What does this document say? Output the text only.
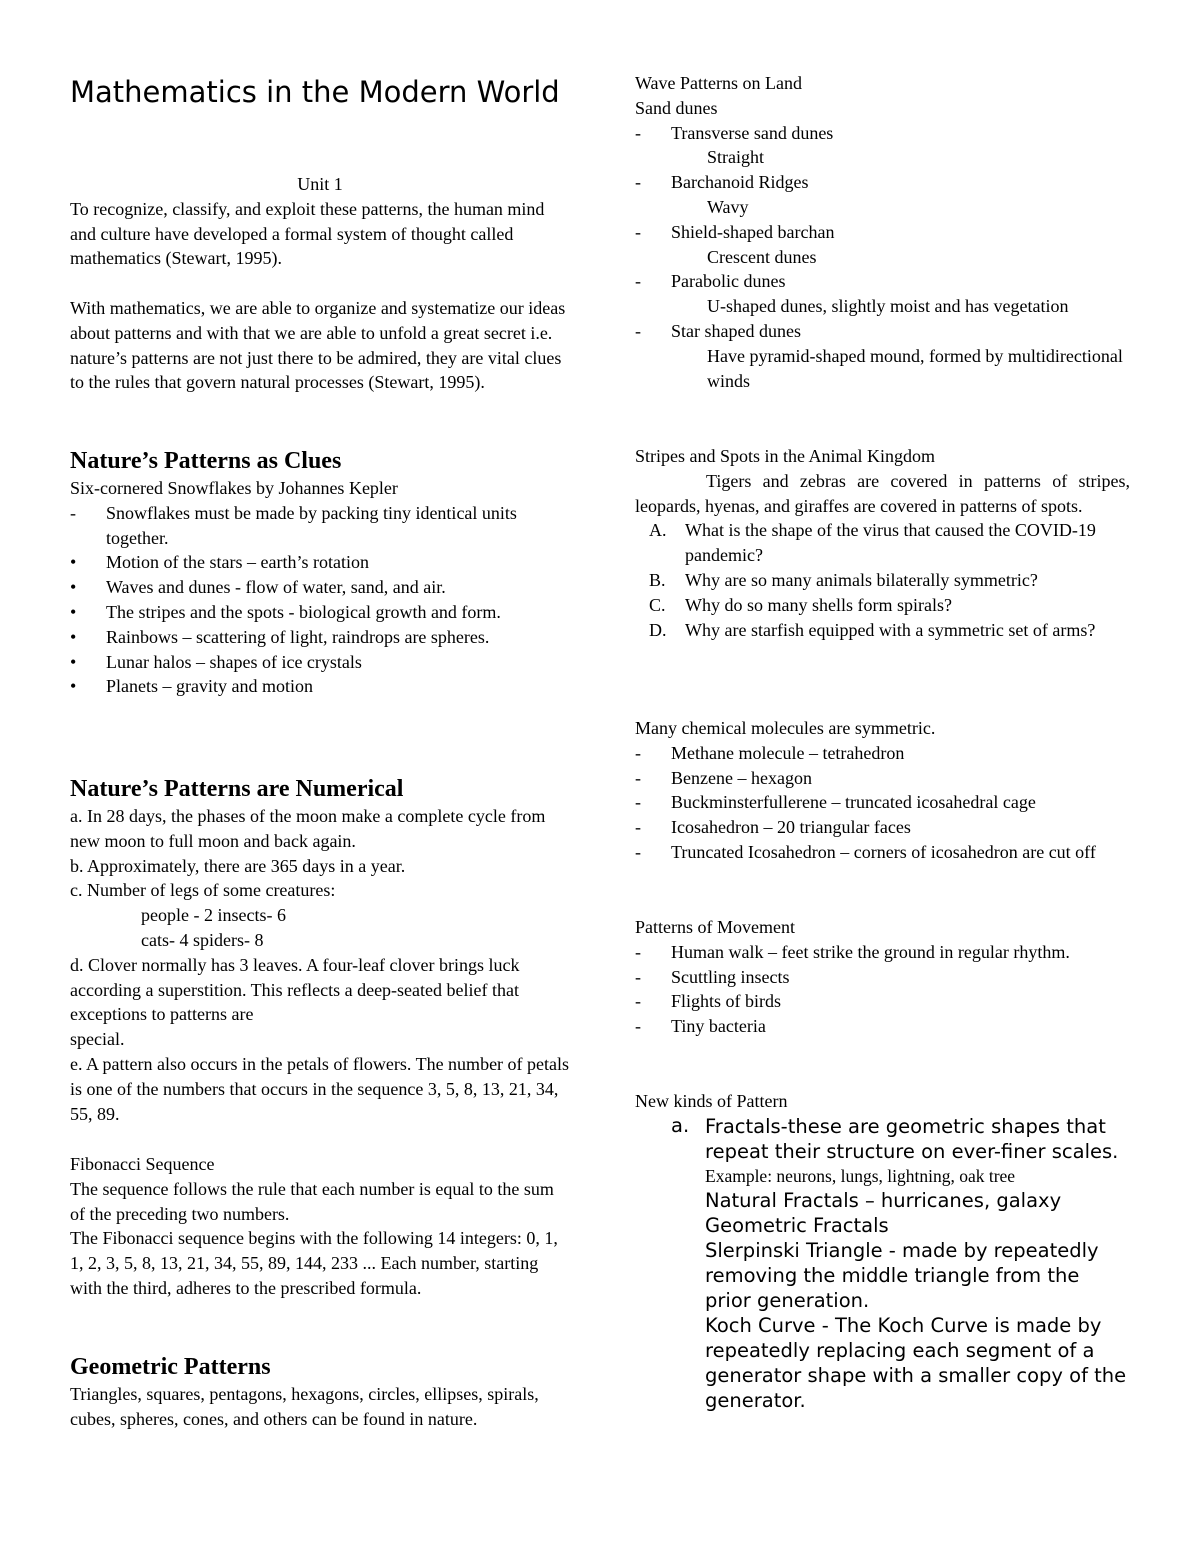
Mathematics in the Modern World

Unit 1

To recognize, classify, and exploit these patterns, the human mind and culture have developed a formal system of thought called mathematics (Stewart, 1995).

With mathematics, we are able to organize and systematize our ideas about patterns and with that we are able to unfold a great secret i.e. nature’s patterns are not just there to be admired, they are vital clues to the rules that govern natural processes (Stewart, 1995).

Nature’s Patterns as Clues

Six-cornered Snowflakes by Johannes Kepler

- Snowflakes must be made by packing tiny identical units together.
• Motion of the stars – earth’s rotation
• Waves and dunes - flow of water, sand, and air.
• The stripes and the spots - biological growth and form.
• Rainbows – scattering of light, raindrops are spheres.
• Lunar halos – shapes of ice crystals
• Planets – gravity and motion

Nature’s Patterns are Numerical

a. In 28 days, the phases of the moon make a complete cycle from new moon to full moon and back again.

b. Approximately, there are 365 days in a year.

c. Number of legs of some creatures:

people - 2 insects- 6

cats- 4 spiders- 8

d. Clover normally has 3 leaves. A four-leaf clover brings luck according a superstition. This reflects a deep-seated belief that exceptions to patterns are

special.

e. A pattern also occurs in the petals of flowers. The number of petals is one of the numbers that occurs in the sequence 3, 5, 8, 13, 21, 34, 55, 89.

Fibonacci Sequence

The sequence follows the rule that each number is equal to the sum of the preceding two numbers.

The Fibonacci sequence begins with the following 14 integers: 0, 1, 1, 2, 3, 5, 8, 13, 21, 34, 55, 89, 144, 233 ... Each number, starting with the third, adheres to the prescribed formula.

Geometric Patterns

Triangles, squares, pentagons, hexagons, circles, ellipses, spirals, cubes, spheres, cones, and others can be found in nature.

Wave Patterns on Land

Sand dunes

- Transverse sand dunes
Straight
- Barchanoid Ridges
Wavy
- Shield-shaped barchan
Crescent dunes
- Parabolic dunes
U-shaped dunes, slightly moist and has vegetation
- Star shaped dunes
Have pyramid-shaped mound, formed by multidirectional winds

Stripes and Spots in the Animal Kingdom

Tigers and zebras are covered in patterns of stripes, leopards, hyenas, and giraffes are covered in patterns of spots.

A. What is the shape of the virus that caused the COVID-19 pandemic?
B. Why are so many animals bilaterally symmetric?
C. Why do so many shells form spirals?
D. Why are starfish equipped with a symmetric set of arms?

Many chemical molecules are symmetric.

- Methane molecule – tetrahedron
- Benzene – hexagon
- Buckminsterfullerene – truncated icosahedral cage
- Icosahedron – 20 triangular faces
- Truncated Icosahedron – corners of icosahedron are cut off

Patterns of Movement

- Human walk – feet strike the ground in regular rhythm.
- Scuttling insects
- Flights of birds
- Tiny bacteria

New kinds of Pattern

a. Fractals-these are geometric shapes that repeat their structure on ever-finer scales.

Example: neurons, lungs, lightning, oak tree

Natural Fractals – hurricanes, galaxy

Geometric Fractals

Slerpinski Triangle - made by repeatedly removing the middle triangle from the prior generation.

Koch Curve - The Koch Curve is made by repeatedly replacing each segment of a generator shape with a smaller copy of the

generator.
